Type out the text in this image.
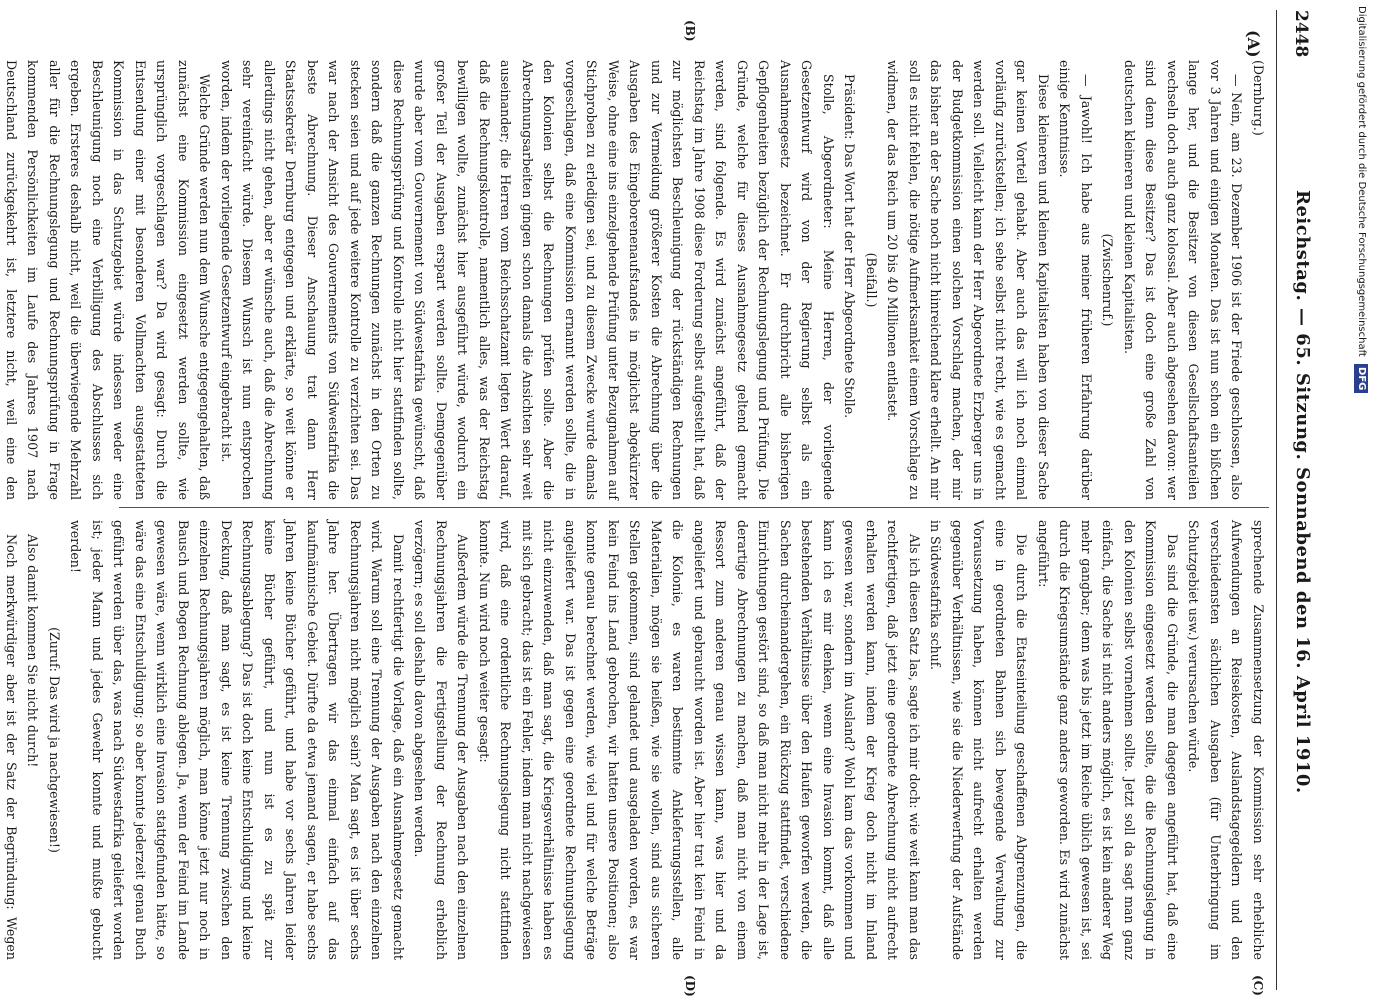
2448
Reichstag. — 65. Sitzung. Sonnabend den 16. April 1910.
(A)
(B)
(C)
(D)

(Dernburg.)

— Nein, am 23. Dezember 1906 ist der Friede geschlossen, also vor 3 Jahren und einigen Monaten. Das ist nun schon ein bißchen lange her, und die Besitzer von diesen Gesellschaftsanteilen wechseln doch auch ganz kolossal. Aber auch abgesehen davon: wer sind denn diese Besitzer? Das ist doch eine große Zahl von deutschen kleineren und kleinen Kapitalisten.

(Zwischenruf.)

— Jawohl! Ich habe aus meiner früheren Erfahrung darüber einige Kenntnisse.

Diese kleineren und kleinen Kapitalisten haben von dieser Sache gar keinen Vorteil gehabt. Aber auch das will ich noch einmal vorläufig zurückstellen; ich sehe selbst nicht recht, wie es gemacht werden soll. Vielleicht kann der Herr Abgeordnete Erzberger uns in der Budgetkommission einen solchen Vorschlag machen, der mir das bisher an der Sache noch nicht hinreichend klare erhellt. An mir soll es nicht fehlen, die nötige Aufmerksamkeit einem Vorschlage zu widmen, der das Reich um 20 bis 40 Millionen entlastet.

(Beifall.)

Präsident: Das Wort hat der Herr Abgeordnete Stolle.

Stolle, Abgeordneter: Meine Herren, der vorliegende Gesetzentwurf wird von der Regierung selbst als ein Ausnahmegesetz bezeichnet. Er durchbricht alle bisherigen Gepflogenheiten bezüglich der Rechnungslegung und Prüfung. Die Gründe, welche für dieses Ausnahmegesetz geltend gemacht werden, sind folgende. Es wird zunächst angeführt, daß der Reichstag im Jahre 1908 diese Forderung selbst aufgestellt hat, daß zur möglichsten Beschleunigung der rückständigen Rechnungen und zur Vermeidung größerer Kosten die Abrechnung über die Ausgaben des Eingeborenenaufstandes in möglichst abgekürzter Weise, ohne eine ins einzelgehende Prüfung unter Bezugnahmen auf Stichproben zu erledigen sei, und zu diesem Zwecke wurde damals vorgeschlagen, daß eine Kommission ernannt werden sollte, die in den Kolonien selbst die Rechnungen prüfen sollte. Aber die Abrechnungsarbeiten gingen schon damals die Ansichten sehr weit auseinander; die Herren vom Reichsschatzamt legten Wert darauf, daß die Rechnungskontrolle, namentlich alles, was der Reichstag bewilligen wollte, zunächst hier ausgeführt würde, wodurch ein großer Teil der Ausgaben erspart werden sollte. Demgegenüber wurde aber vom Gouvernement von Südwestafrika gewünscht, daß diese Rechnungsprüfung und Kontrolle nicht hier stattfinden sollte, sondern daß die ganzen Rechnungen zunächst in den Orten zu stecken seien und auf jede weitere Kontrolle zu verzichten sei. Das war nach der Ansicht des Gouvernements von Südwestafrika die beste Abrechnung. Dieser Anschauung trat dann Herr Staatssekretär Dernburg entgegen und erklärte, so weit könne er allerdings nicht gehen, aber er wünsche auch, daß die Abrechnung sehr vereinfacht würde. Diesem Wunsch ist nun entsprochen worden, indem der vorliegende Gesetzentwurf eingebracht ist.

Welche Gründe werden nun dem Wunsche entgegengehalten, daß zunächst eine Kommission eingesetzt werden sollte, wie ursprünglich vorgeschlagen war? Da wird gesagt: Durch die Entsendung einer mit besonderen Vollmachten ausgestatteten Kommission in das Schutzgebiet würde indessen weder eine Beschleunigung noch eine Verbilligung des Abschlusses sich ergeben. Ersteres deshalb nicht, weil die überwiegende Mehrzahl aller für die Rechnungslegung und Rechnungsprüfung in Frage kommenden Persönlichkeiten im Laufe des Jahres 1907 nach Deutschland zurückgekehrt ist, letztere nicht, weil eine den

sprechende Zusammensetzung der Kommission sehr erhebliche Aufwendungen an Reisekosten, Auslandstagegeldern und den verschiedensten sächlichen Ausgaben (für Unterbringung im Schutzgebiet usw.) verursachen würde.

Das sind die Gründe, die man dagegen angeführt hat, daß eine Kommission eingesetzt werden sollte, die die Rechnungslegung in den Kolonien selbst vornehmen sollte. Jetzt soll da sagt man ganz einfach, die Sache ist nicht anders möglich, es ist kein anderer Weg mehr gangbar; denn was bis jetzt im Reiche üblich gewesen ist, sei durch die Kriegsumstände ganz anders geworden. Es wird zunächst angeführt:

Die durch die Etatseinteilung geschaffenen Abgrenzungen, die eine in geordneten Bahnen sich bewegende Verwaltung zur Voraussetzung haben, können nicht aufrecht erhalten werden gegenüber Verhältnissen, wie sie die Niederwerfung der Aufstände in Südwestafrika schuf.

Als ich diesen Satz las, sagte ich mir doch: wie weit kann man das rechtfertigen, daß jetzt eine geordnete Abrechnung nicht aufrecht erhalten werden kann, indem der Krieg doch nicht im Inland gewesen war, sondern im Ausland? Wohl kam das vorkommen und kann ich es mir denken, wenn eine Invasion kommt, daß alle bestehenden Verhältnisse über den Haufen geworfen werden, die Sachen durcheinandergehen, ein Rückzug stattfindet, verschiedene Einrichtungen gestört sind, so daß man nicht mehr in der Lage ist, derartige Abrechnungen zu machen, daß man nicht von einem Ressort zum anderen genau wissen kann, was hier und da angeliefert und gebraucht worden ist. Aber hier trat kein Feind in die Kolonie, es waren bestimmte Ankleferungsstellen, alle Materialien, mögen sie heißen, wie sie wollen, sind aus sicheren Stellen gekommen, sind gelandet und ausgeladen worden, es war kein Feind ins Land gebrochen, wir hatten unsere Positionen; also konnte genau berechnet werden, wie viel und für welche Beträge angeliefert war. Das ist gegen eine geordnete Rechnungslegung nicht einzuwenden, daß man sagt, die Kriegsverhältnisse haben es mit sich gebracht; das ist ein Fehler, indem man nicht nachgewiesen wird, daß eine ordentliche Rechnungslegung nicht stattfinden konnte. Nun wird noch weiter gesagt:

Außerdem würde die Trennung der Ausgaben nach den einzelnen Rechnungsjahren die Fertigstellung der Rechnung erheblich verzögern; es soll deshalb davon abgesehen werden.

Damit rechtfertigt die Vorlage, daß ein Ausnahmegesetz gemacht wird. Warum soll eine Trennung der Ausgaben nach den einzelnen Rechnungsjahren nicht möglich sein? Man sagt, es ist über sechs Jahre her. Übertragen wir das einmal einfach auf das kaufmännische Gebiet. Dürfte da etwa jemand sagen, er habe sechs Jahren keine Bücher geführt, und habe vor sechs Jahren leider keine Bücher geführt, und nun ist es zu spät zur Rechnungsablegung? Das ist doch keine Entschuldigung und keine Deckung, daß man sagt, es ist keine Trennung zwischen den einzelnen Rechnungsjahren möglich, man könne jetzt nur noch in Bausch und Bogen Rechnung ablegen. Ja, wenn der Feind im Lande gewesen wäre, wenn wirklich eine Invasion stattgefunden hätte, so wäre das eine Entschuldigung; so aber konnte jederzeit genau Buch geführt werden über das, was nach Südwestafrika geliefert worden ist; jeder Mann und jedes Gewehr konnte und mußte gebucht werden!

(Zuruf: Das wird ja nachgewiesen!)

Also damit kommen Sie nicht durch!

Noch merkwürdiger aber ist der Satz der Begründung: Wegen

Digitalisierung gefördert durch die Deutsche Forschungsgemeinschaft DFG
